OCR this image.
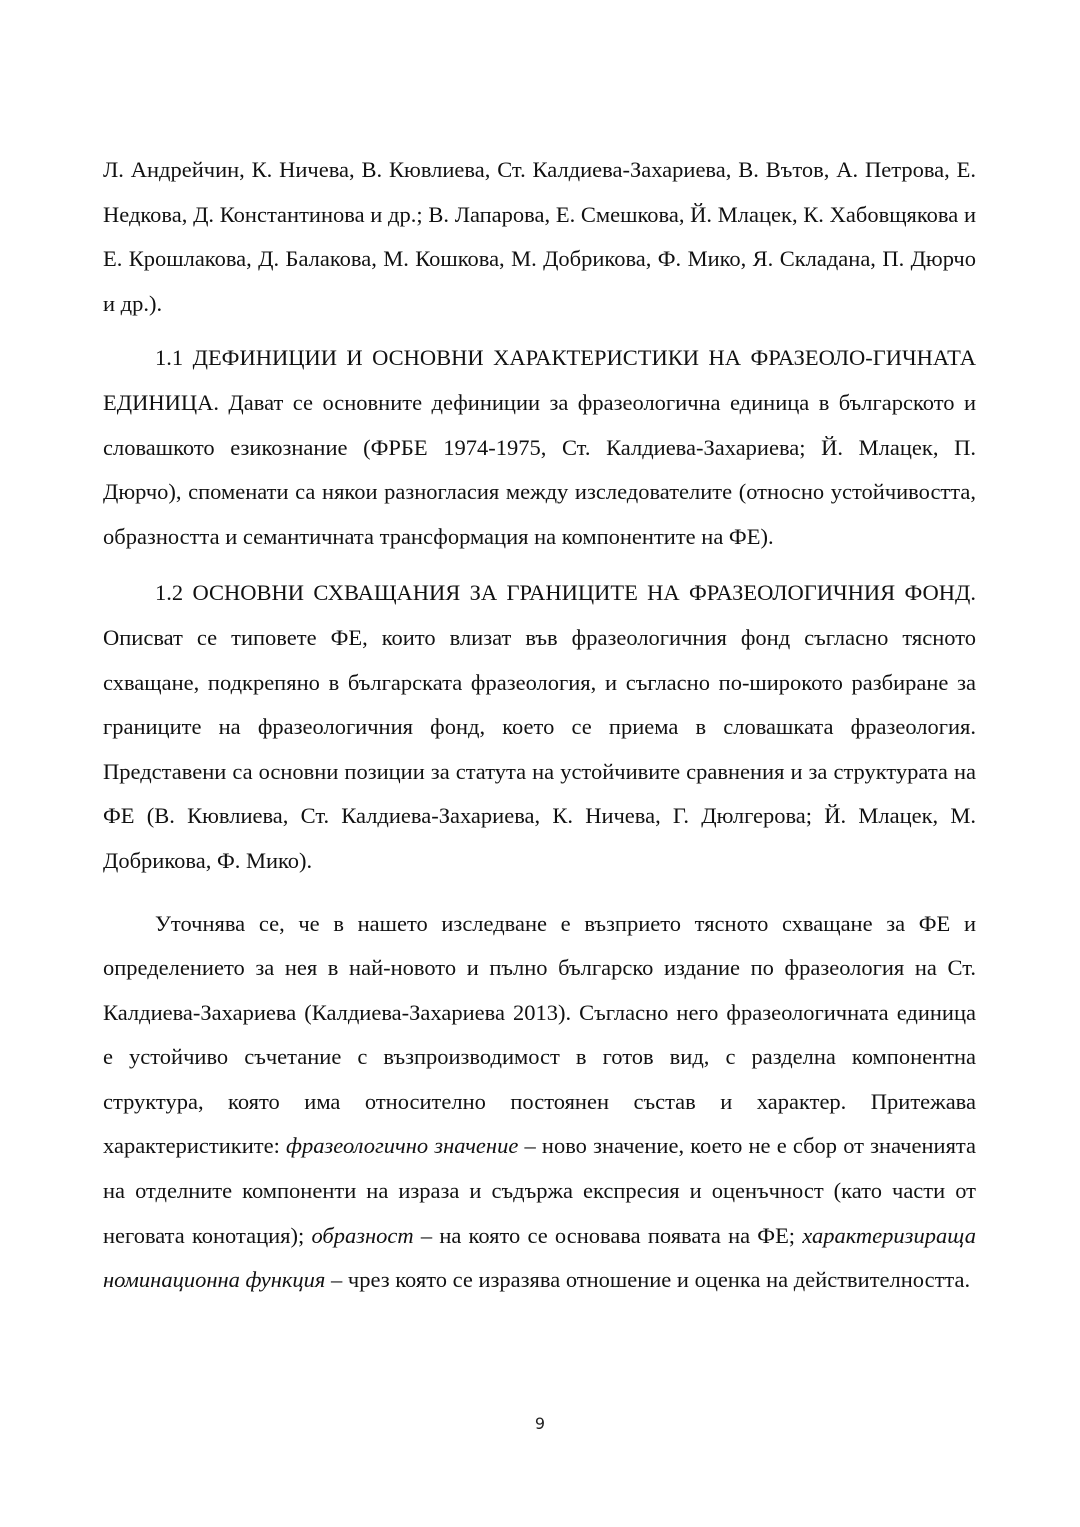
Л. Андрейчин, К. Ничева, В. Кювлиева, Ст. Калдиева-Захариева, В. Вътов, А. Петрова, Е. Недкова, Д. Константинова и др.; В. Лапарова, Е. Смешкова, Й. Млацек, К. Хабовщякова и Е. Крошлакова, Д. Балакова, М. Кошкова, М. Добрикова, Ф. Мико, Я. Складана, П. Дюрчо и др.).

1.1 ДЕФИНИЦИИ И ОСНОВНИ ХАРАКТЕРИСТИКИ НА ФРАЗЕОЛО-ГИЧНАТА ЕДИНИЦА. Дават се основните дефиниции за фразеологична единица в българското и словашкото езикознание (ФРБЕ 1974-1975, Ст. Калдиева-Захариева; Й. Млацек, П. Дюрчо), споменати са някои разногласия между изследователите (относно устойчивостта, образността и семантичната трансформация на компонентите на ФЕ).

1.2 ОСНОВНИ СХВАЩАНИЯ ЗА ГРАНИЦИТЕ НА ФРАЗЕОЛОГИЧНИЯ ФОНД. Описват се типовете ФЕ, които влизат във фразеологичния фонд съгласно тясното схващане, подкрепяно в българската фразеология, и съгласно по-широкото разбиране за границите на фразеологичния фонд, което се приема в словашката фразеология. Представени са основни позиции за статута на устойчивите сравнения и за структурата на ФЕ (В. Кювлиева, Ст. Калдиева-Захариева, К. Ничева, Г. Дюлгерова; Й. Млацек, М. Добрикова, Ф. Мико).

Уточнява се, че в нашето изследване е възприето тясното схващане за ФЕ и определението за нея в най-новото и пълно българско издание по фразеология на Ст. Калдиева-Захариева (Калдиева-Захариева 2013). Съгласно него фразеологичната единица е устойчиво съчетание с възпроизводимост в готов вид, с разделна компонентна структура, която има относително постоянен състав и характер. Притежава характеристиките: фразеологично значение – ново значение, което не е сбор от значенията на отделните компоненти на израза и съдържа експресия и оценъчност (като части от неговата конотация); образност – на която се основава появата на ФЕ; характеризираща номинационна функция – чрез която се изразява отношение и оценка на действителността.

9
